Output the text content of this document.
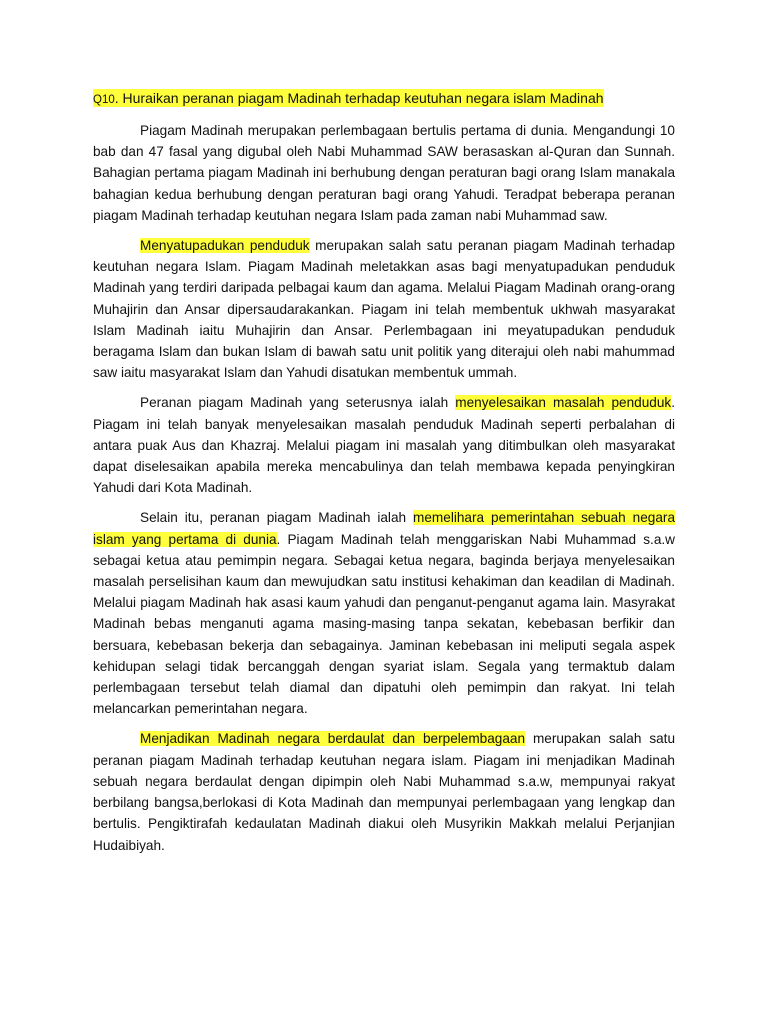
Q10. Huraikan peranan piagam Madinah terhadap keutuhan negara islam Madinah

Piagam Madinah merupakan perlembagaan bertulis pertama di dunia. Mengandungi 10 bab dan 47 fasal yang digubal oleh Nabi Muhammad SAW berasaskan al-Quran dan Sunnah. Bahagian pertama piagam Madinah ini berhubung dengan peraturan bagi orang Islam manakala bahagian kedua berhubung dengan peraturan bagi orang Yahudi. Teradpat beberapa peranan piagam Madinah terhadap keutuhan negara Islam pada zaman nabi Muhammad saw.

Menyatupadukan penduduk merupakan salah satu peranan piagam Madinah terhadap keutuhan negara Islam. Piagam Madinah meletakkan asas bagi menyatupadukan penduduk Madinah yang terdiri daripada pelbagai kaum dan agama. Melalui Piagam Madinah orang-orang Muhajirin dan Ansar dipersaudarakankan. Piagam ini telah membentuk ukhwah masyarakat Islam Madinah iaitu Muhajirin dan Ansar. Perlembagaan ini meyatupadukan penduduk beragama Islam dan bukan Islam di bawah satu unit politik yang diterajui oleh nabi mahummad saw iaitu masyarakat Islam dan Yahudi disatukan membentuk ummah.

Peranan piagam Madinah yang seterusnya ialah menyelesaikan masalah penduduk. Piagam ini telah banyak menyelesaikan masalah penduduk Madinah seperti perbalahan di antara puak Aus dan Khazraj. Melalui piagam ini masalah yang ditimbulkan oleh masyarakat dapat diselesaikan apabila mereka mencabulinya dan telah membawa kepada penyingkiran Yahudi dari Kota Madinah.

Selain itu, peranan piagam Madinah ialah memelihara pemerintahan sebuah negara islam yang pertama di dunia. Piagam Madinah telah menggariskan Nabi Muhammad s.a.w sebagai ketua atau pemimpin negara. Sebagai ketua negara, baginda berjaya menyelesaikan masalah perselisihan kaum dan mewujudkan satu institusi kehakiman dan keadilan di Madinah. Melalui piagam Madinah hak asasi kaum yahudi dan penganut-penganut agama lain. Masyrakat Madinah bebas menganuti agama masing-masing tanpa sekatan, kebebasan berfikir dan bersuara, kebebasan bekerja dan sebagainya. Jaminan kebebasan ini meliputi segala aspek kehidupan selagi tidak bercanggah dengan syariat islam. Segala yang termaktub dalam perlembagaan tersebut telah diamal dan dipatuhi oleh pemimpin dan rakyat. Ini telah melancarkan pemerintahan negara.

Menjadikan Madinah negara berdaulat dan berpelembagaan merupakan salah satu peranan piagam Madinah terhadap keutuhan negara islam. Piagam ini menjadikan Madinah sebuah negara berdaulat dengan dipimpin oleh Nabi Muhammad s.a.w, mempunyai rakyat berbilang bangsa,berlokasi di Kota Madinah dan mempunyai perlembagaan yang lengkap dan bertulis. Pengiktirafah kedaulatan Madinah diakui oleh Musyrikin Makkah melalui Perjanjian Hudaibiyah.
